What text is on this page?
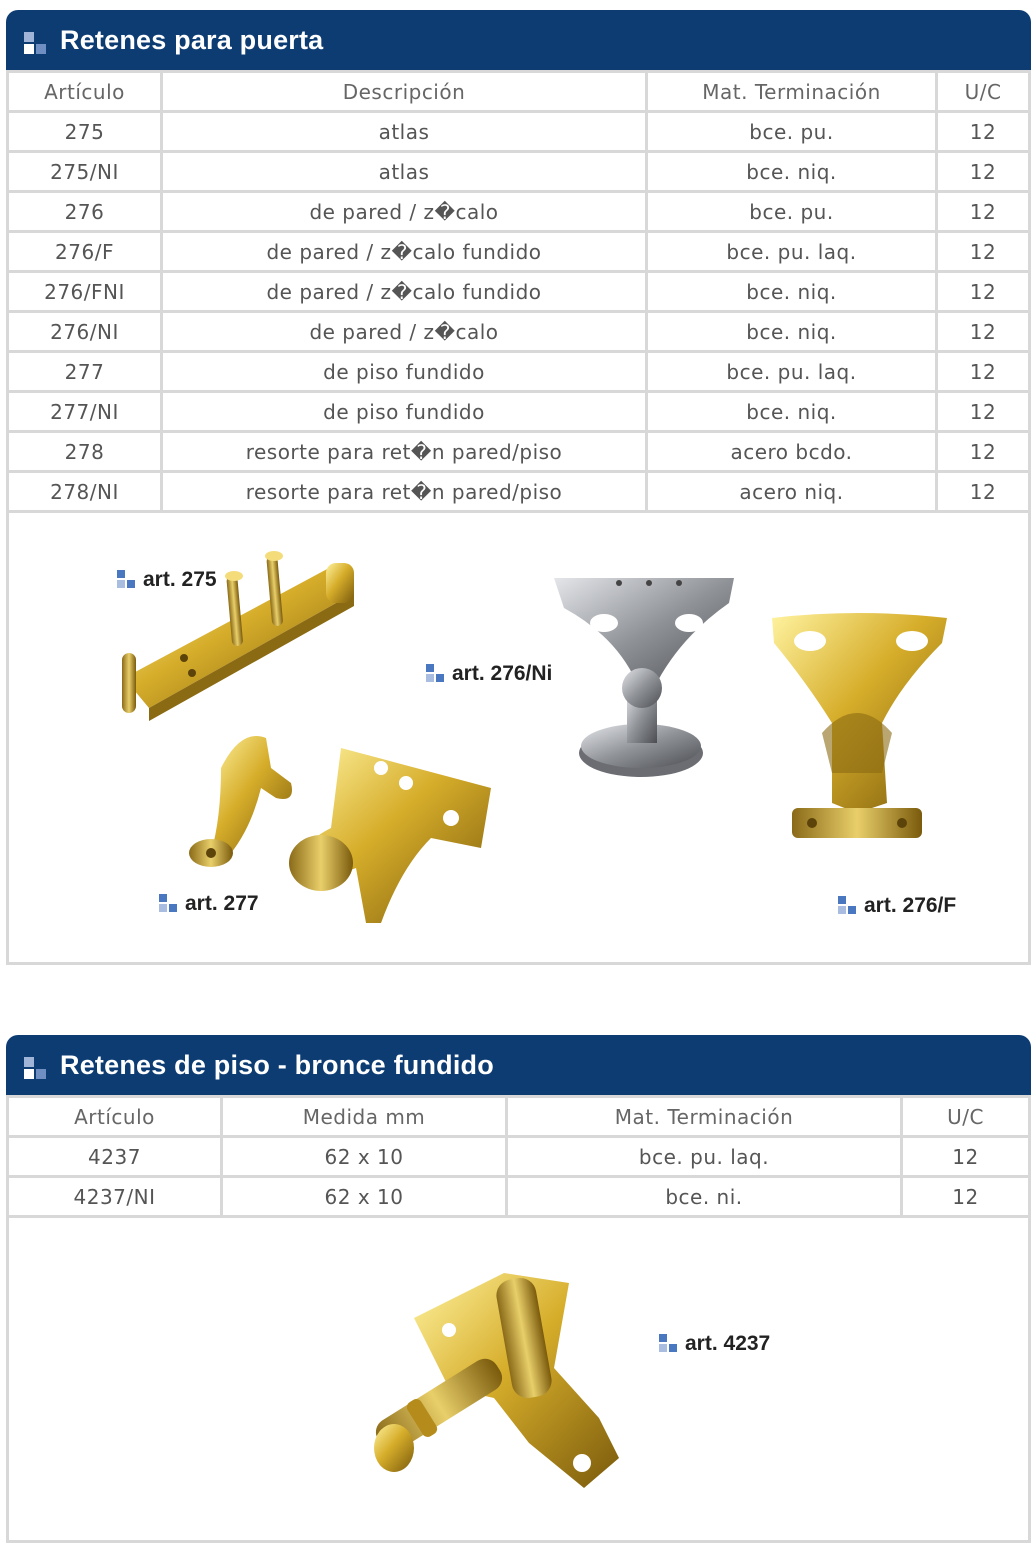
Retenes para puerta
Artículo	Descripción	Mat. Terminación	U/C
275	atlas	bce. pu.	12
275/NI	atlas	bce. niq.	12
276	de pared / z�calo	bce. pu.	12
276/F	de pared / z�calo fundido	bce. pu. laq.	12
276/FNI	de pared / z�calo fundido	bce. niq.	12
276/NI	de pared / z�calo	bce. niq.	12
277	de piso fundido	bce. pu. laq.	12
277/NI	de piso fundido	bce. niq.	12
278	resorte para ret�n pared/piso	acero bcdo.	12
278/NI	resorte para ret�n pared/piso	acero niq.	12
art. 275
art. 276/Ni
art. 276/F
art. 277
Retenes de piso - bronce fundido
Artículo	Medida mm	Mat. Terminación	U/C
4237	62 x 10	bce. pu. laq.	12
4237/NI	62 x 10	bce. ni.	12
art. 4237
